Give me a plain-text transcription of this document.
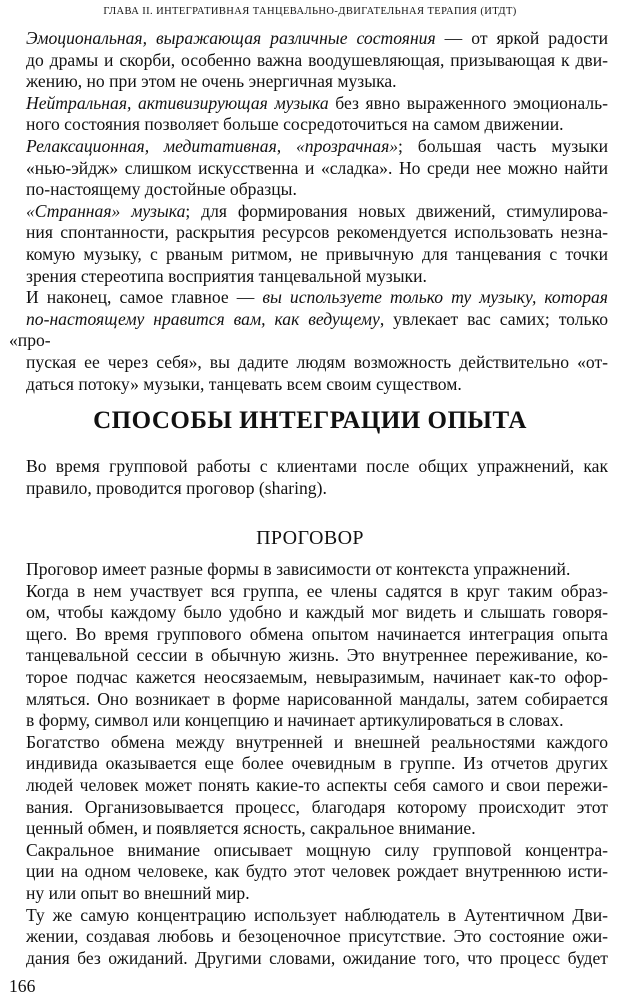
ГЛАВА II. ИНТЕГРАТИВНАЯ ТАНЦЕВАЛЬНО-ДВИГАТЕЛЬНАЯ ТЕРАПИЯ (ИТДТ)

Эмоциональная, выражающая различные состояния — от яркой радости
до драмы и скорби, особенно важна воодушевляющая, призывающая к дви-
жению, но при этом не очень энергичная музыка.

Нейтральная, активизирующая музыка без явно выраженного эмоциональ-
ного состояния позволяет больше сосредоточиться на самом движении.

Релаксационная, медитативная, «прозрачная»; большая часть музыки
«нью-эйдж» слишком искусственна и «сладка». Но среди нее можно найти
по-настоящему достойные образцы.

«Странная» музыка; для формирования новых движений, стимулирова-
ния спонтанности, раскрытия ресурсов рекомендуется использовать незна-
комую музыку, с рваным ритмом, не привычную для танцевания с точки
зрения стереотипа восприятия танцевальной музыки.

И наконец, самое главное — вы используете только ту музыку, которая
по-настоящему нравится вам, как ведущему, увлекает вас самих; только «про-
пуская ее через себя», вы дадите людям возможность действительно «от-
даться потоку» музыки, танцевать всем своим существом.

СПОСОБЫ ИНТЕГРАЦИИ ОПЫТА

Во время групповой работы с клиентами после общих упражнений, как
правило, проводится проговор (sharing).

ПРОГОВОР

Проговор имеет разные формы в зависимости от контекста упражнений.

Когда в нем участвует вся группа, ее члены садятся в круг таким образ-
ом, чтобы каждому было удобно и каждый мог видеть и слышать говоря-
щего. Во время группового обмена опытом начинается интеграция опыта
танцевальной сессии в обычную жизнь. Это внутреннее переживание, ко-
торое подчас кажется неосязаемым, невыразимым, начинает как-то офор-
мляться. Оно возникает в форме нарисованной мандалы, затем собирается
в форму, символ или концепцию и начинает артикулироваться в словах.

Богатство обмена между внутренней и внешней реальностями каждого
индивида оказывается еще более очевидным в группе. Из отчетов других
людей человек может понять какие-то аспекты себя самого и свои пережи-
вания. Организовывается процесс, благодаря которому происходит этот
ценный обмен, и появляется ясность, сакральное внимание.

Сакральное внимание описывает мощную силу групповой концентра-
ции на одном человеке, как будто этот человек рождает внутреннюю исти-
ну или опыт во внешний мир.

Ту же самую концентрацию использует наблюдатель в Аутентичном Дви-
жении, создавая любовь и безоценочное присутствие. Это состояние ожи-
дания без ожиданий. Другими словами, ожидание того, что процесс будет

166
